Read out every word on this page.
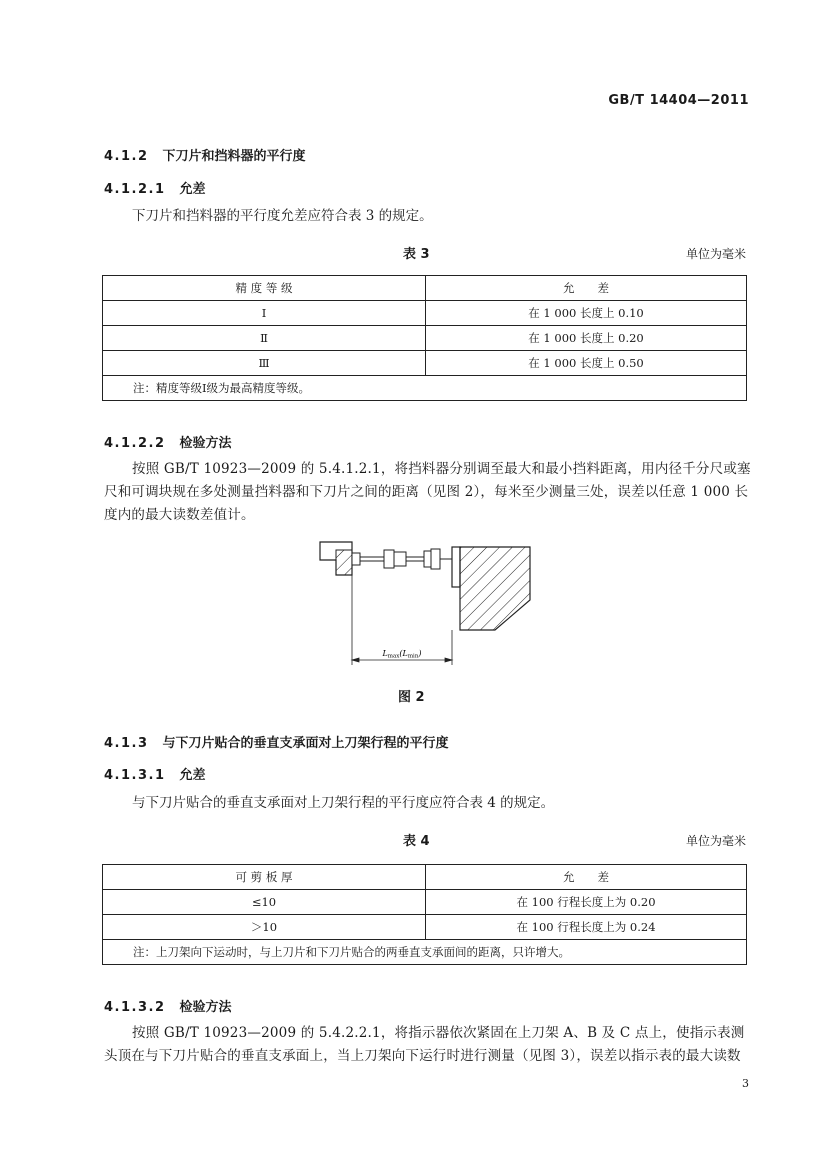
GB/T 14404—2011
4.1.2 下刀片和挡料器的平行度
4.1.2.1 允差
下刀片和挡料器的平行度允差应符合表 3 的规定。
表 3	单位为毫米
精 度 等 级	允　　差
Ⅰ	在 1 000 长度上 0.10
Ⅱ	在 1 000 长度上 0.20
Ⅲ	在 1 000 长度上 0.50
注：精度等级Ⅰ级为最高精度等级。	
4.1.2.2 检验方法
按照 GB/T 10923—2009 的 5.4.1.2.1，将挡料器分别调至最大和最小挡料距离，用内径千分尺或塞尺和可调块规在多处测量挡料器和下刀片之间的距离（见图 2），每米至少测量三处，误差以任意 1 000 长度内的最大读数差值计。
Lmax(Lmin)
图 2
4.1.3 与下刀片贴合的垂直支承面对上刀架行程的平行度
4.1.3.1 允差
与下刀片贴合的垂直支承面对上刀架行程的平行度应符合表 4 的规定。
表 4	单位为毫米
可 剪 板 厚	允　　差
≤10	在 100 行程长度上为 0.20
＞10	在 100 行程长度上为 0.24
注：上刀架向下运动时，与上刀片和下刀片贴合的两垂直支承面间的距离，只许增大。	
4.1.3.2 检验方法
按照 GB/T 10923—2009 的 5.4.2.2.1，将指示器依次紧固在上刀架 A、B 及 C 点上，使指示表测头顶在与下刀片贴合的垂直支承面上，当上刀架向下运行时进行测量（见图 3），误差以指示表的最大读数
3
